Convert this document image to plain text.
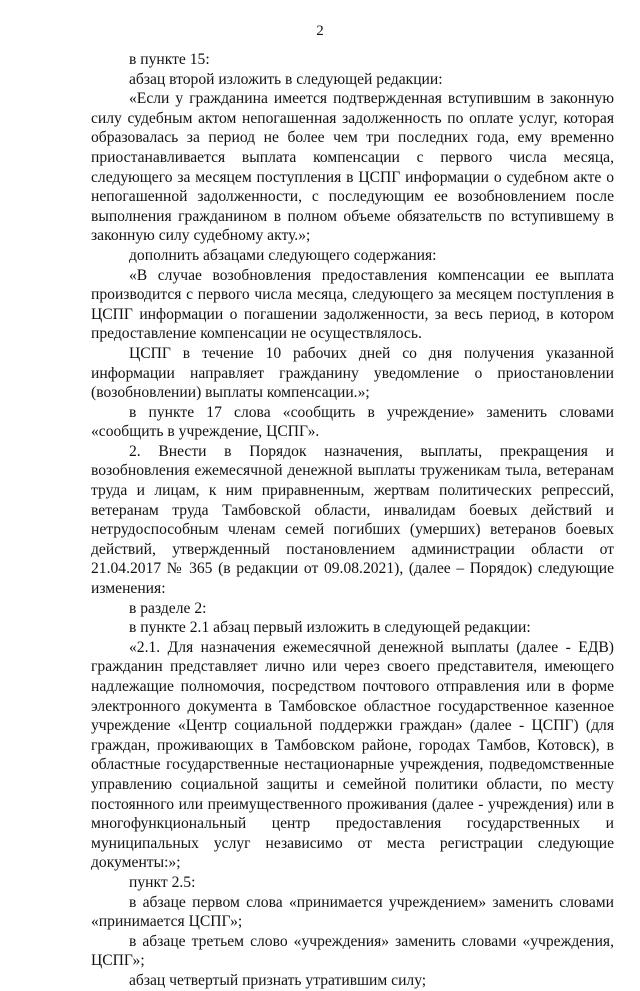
2

в пункте 15:

абзац второй изложить в следующей редакции:

«Если у гражданина имеется подтвержденная вступившим в законную силу судебным актом непогашенная задолженность по оплате услуг, которая образовалась за период не более чем три последних года, ему временно приостанавливается выплата компенсации с первого числа месяца, следующего за месяцем поступления в ЦСПГ информации о судебном акте о непогашенной задолженности, с последующим ее возобновлением после выполнения гражданином в полном объеме обязательств по вступившему в законную силу судебному акту.»;

дополнить абзацами следующего содержания:

«В случае возобновления предоставления компенсации ее выплата производится с первого числа месяца, следующего за месяцем поступления в ЦСПГ информации о погашении задолженности, за весь период, в котором предоставление компенсации не осуществлялось.

ЦСПГ в течение 10 рабочих дней со дня получения указанной информации направляет гражданину уведомление о приостановлении (возобновлении) выплаты компенсации.»;

в пункте 17 слова «сообщить в учреждение» заменить словами «сообщить в учреждение, ЦСПГ».

2. Внести в Порядок назначения, выплаты, прекращения и возобновления ежемесячной денежной выплаты труженикам тыла, ветеранам труда и лицам, к ним приравненным, жертвам политических репрессий, ветеранам труда Тамбовской области, инвалидам боевых действий и нетрудоспособным членам семей погибших (умерших) ветеранов боевых действий, утвержденный постановлением администрации области от 21.04.2017 № 365 (в редакции от 09.08.2021), (далее – Порядок) следующие изменения:

в разделе 2:

в пункте 2.1 абзац первый изложить в следующей редакции:

«2.1. Для назначения ежемесячной денежной выплаты (далее - ЕДВ) гражданин представляет лично или через своего представителя, имеющего надлежащие полномочия, посредством почтового отправления или в форме электронного документа в Тамбовское областное государственное казенное учреждение «Центр социальной поддержки граждан» (далее - ЦСПГ) (для граждан, проживающих в Тамбовском районе, городах Тамбов, Котовск), в областные государственные нестационарные учреждения, подведомственные управлению социальной защиты и семейной политики области, по месту постоянного или преимущественного проживания (далее - учреждения) или в многофункциональный центр предоставления государственных и муниципальных услуг независимо от места регистрации следующие документы:»;

пункт 2.5:

в абзаце первом слова «принимается учреждением» заменить словами «принимается ЦСПГ»;

в абзаце третьем слово «учреждения» заменить словами «учреждения, ЦСПГ»;

абзац четвертый признать утратившим силу;
